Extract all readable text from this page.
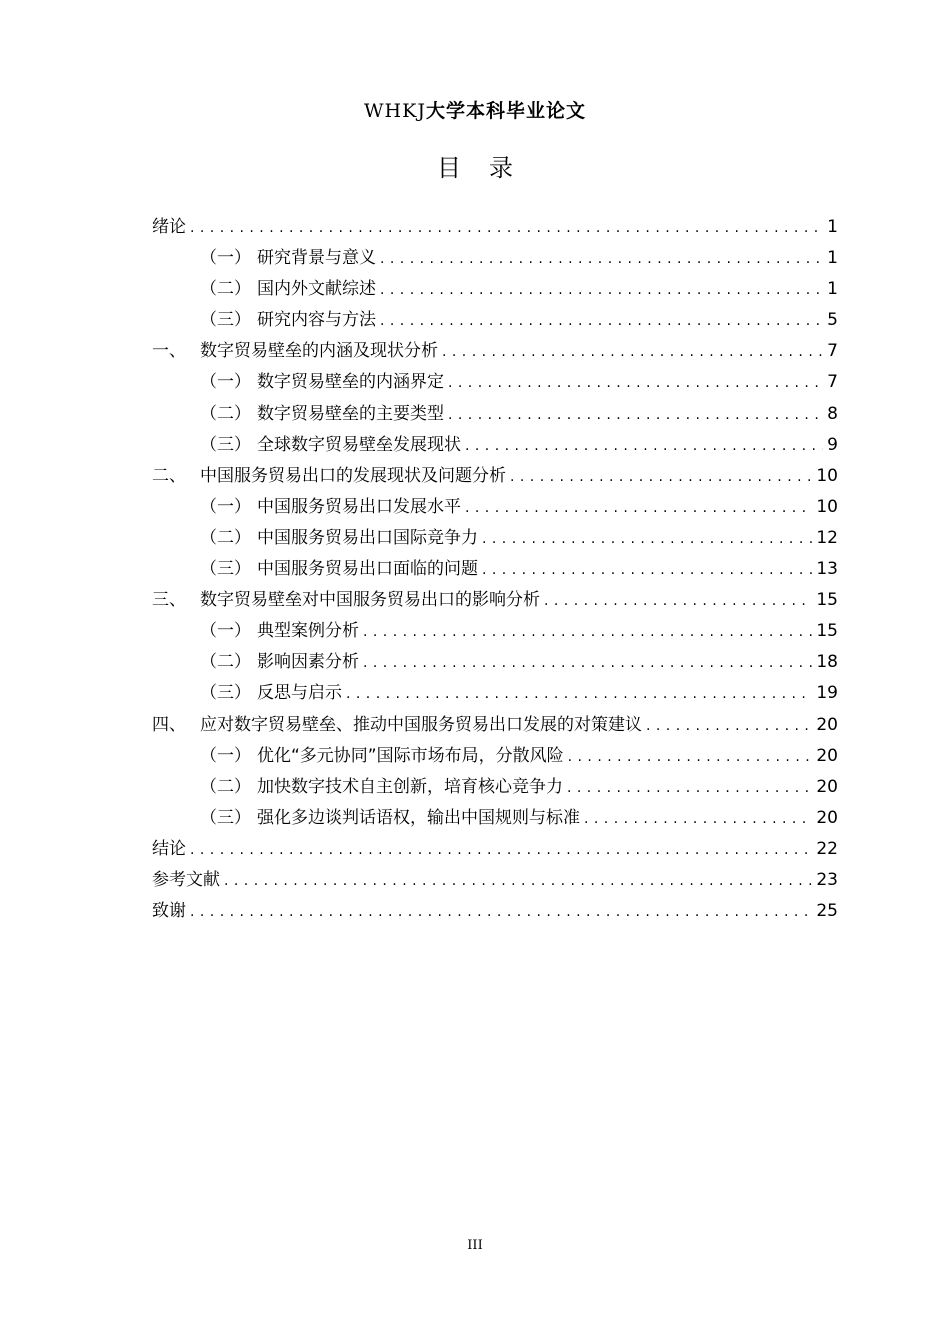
WHKJ大学本科毕业论文
目录
绪论 . . .	1
（一） 研究背景与意义 . . .	1
（二） 国内外文献综述 . . .	1
（三） 研究内容与方法 . . .	5
一、 数字贸易壁垒的内涵及现状分析 . . .	7
（一） 数字贸易壁垒的内涵界定 . . .	7
（二） 数字贸易壁垒的主要类型 . . .	8
（三） 全球数字贸易壁垒发展现状 . . .	9
二、 中国服务贸易出口的发展现状及问题分析 . . .	10
（一） 中国服务贸易出口发展水平 . . .	10
（二） 中国服务贸易出口国际竞争力 . . .	12
（三） 中国服务贸易出口面临的问题 . . .	13
三、 数字贸易壁垒对中国服务贸易出口的影响分析 . . .	15
（一） 典型案例分析 . . .	15
（二） 影响因素分析 . . .	18
（三） 反思与启示 . . .	19
四、 应对数字贸易壁垒、推动中国服务贸易出口发展的对策建议 . . .	20
（一） 优化“多元协同”国际市场布局，分散风险 . . .	20
（二） 加快数字技术自主创新，培育核心竞争力 . . .	20
（三） 强化多边谈判话语权，输出中国规则与标准 . . .	20
结论 . . .	22
参考文献 . . .	23
致谢 . . .	25
III
